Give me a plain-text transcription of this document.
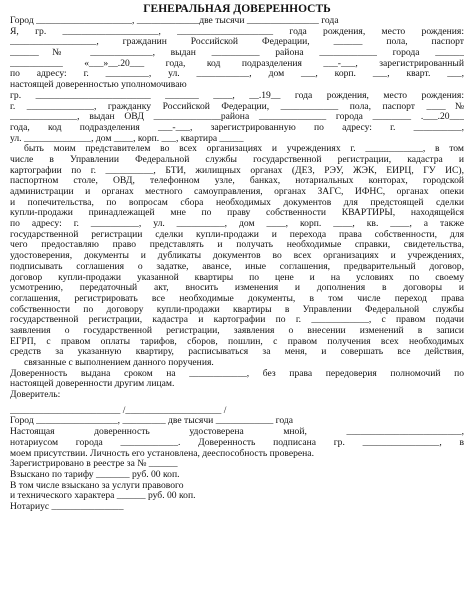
ГЕНЕРАЛЬНАЯ ДОВЕРЕННОСТЬ
Город ____________________, _____________две тысячи _______________ года
Я, гр. ____________________, ____________________ года рождения, место рождения:
__________________, гражданин Российской Федерации, ______ пола, паспорт
______№ _____________, выдан __________ района ____________ города ______
___________ «___»__.20___ года, код подразделения ___-___, зарегистрированный
по адресу: г. _________, ул. ___________, дом ___, корп. ___, кварт. ___,
настоящей доверенностью уполномочиваю
гр. ________________________ _______ ____, __.19__ года рождения, место рождения:
г. ______________, гражданку Российской Федерации, ____________ пола, паспорт ____№
______________, выдан ОВД ______________района ______________ города ________ .___.20___
года, код подразделения ___-___, зарегистрированную по адресу: г. __________,
ул. ______________, дом ____, корп. ___, квартира _____
быть моим представителем во всех организациях и учреждениях г. ____________, в том
числе в Управлении Федеральной службы государственной регистрации, кадастра и
картографии по г. __________, БТИ, жилищных органах (ДЕЗ, РЭУ, ЖЭК, ЕИРЦ, ГУ ИС),
паспортном столе, ОВД, телефонном узле, банках, нотариальных конторах, городской
администрации и органах местного самоуправления, органах ЗАГС, ИФНС, органах опеки
и попечительства, по вопросам сбора необходимых документов для предстоящей сделки
купли-продажи принадлежащей мне по праву собственности КВАРТИРЫ, находящейся
по адресу: г. __________, ул. __________, дом ____, корп. ____, кв. ____, а также
государственной регистрации сделки купли-продажи и перехода права собственности, для
чего предоставляю право представлять и получать необходимые справки, свидетельства,
удостоверения, документы и дубликаты документов во всех организациях и учреждениях,
подписывать соглашения о задатке, авансе, иные соглашения, предварительный договор,
договор купли-продажи указанной квартиры по цене и на условиях по своему
усмотрению, передаточный акт, вносить изменения и дополнения в договоры и
соглашения, регистрировать все необходимые документы, в том числе переход права
собственности по договору купли-продажи квартиры в Управлении Федеральной службы
государственной регистрации, кадастра и картографии по г. ____________, с правом подачи
заявления о государственной регистрации, заявления о внесении изменений в записи
ЕГРП, с правом оплаты тарифов, сборов, пошлин, с правом получения всех необходимых
средств за указанную квартиру, расписываться за меня, и совершать все действия,
связанные с выполнением данного поручения.
Доверенность выдана сроком на ____________, без права передоверия полномочий по
настоящей доверенности другим лицам.
Доверитель:
_______________________ /____________________ /
Город _________________, _________ две тысячи ____________ года
Настоящая доверенность удостоверена мной, ________________________,
нотариусом города ____________. Доверенность подписана гр. ________________, в
моем присутствии. Личность его установлена, дееспособность проверена.
Зарегистрировано в реестре за № ______
Взыскано по тарифу _______ руб. 00 коп.
В том числе взыскано за услуги правового
и технического характера ______ руб. 00 коп.
Нотариус _______________
